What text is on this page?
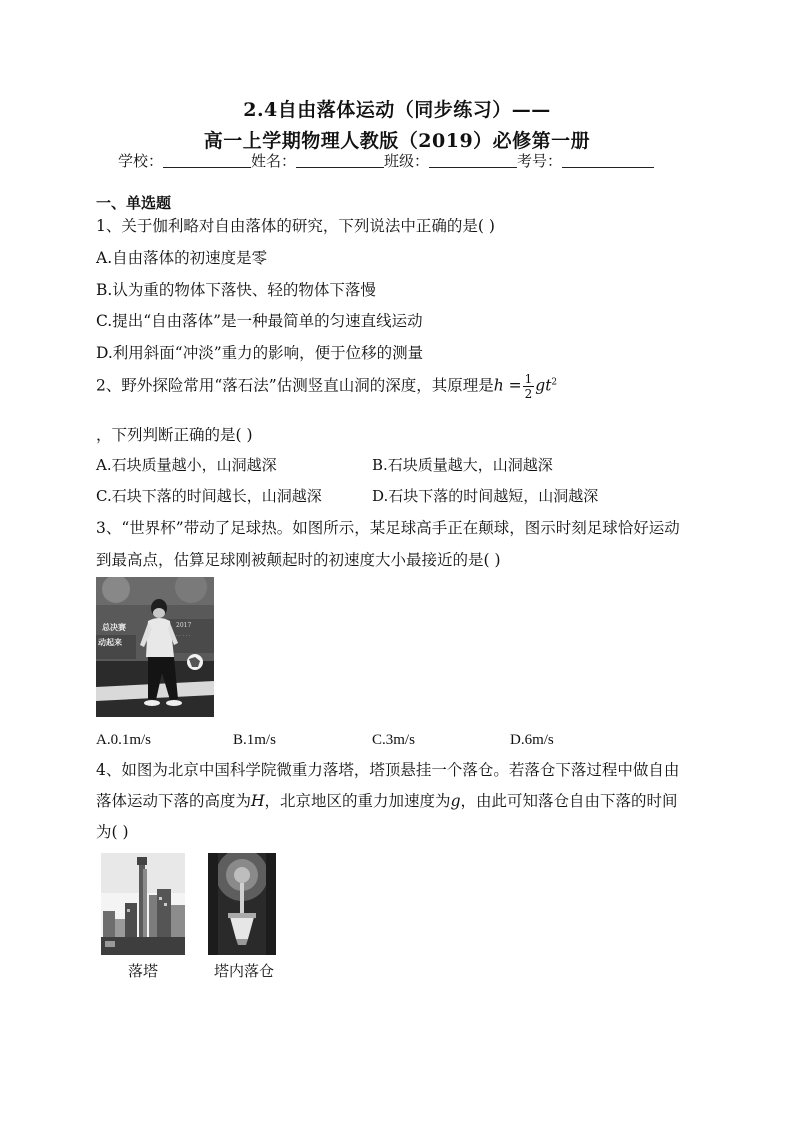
2.4自由落体运动（同步练习）——
高一上学期物理人教版（2019）必修第一册
学校：	姓名：	班级：	考号：
一、单选题
1、关于伽利略对自由落体的研究，下列说法中正确的是( )
A.自由落体的初速度是零
B.认为重的物体下落快、轻的物体下落慢
C.提出“自由落体”是一种最简单的匀速直线运动
D.利用斜面“冲淡”重力的影响，便于位移的测量
2、野外探险常用“落石法”估测竖直山洞的深度，其原理是$h = \frac{1}{2} gt^2$
，下列判断正确的是( )
A.石块质量越小，山洞越深	B.石块质量越大，山洞越深
C.石块下落的时间越长，山洞越深	D.石块下落的时间越短，山洞越深
3、“世界杯”带动了足球热。如图所示，某足球高手正在颠球，图示时刻足球恰好运动
到最高点，估算足球刚被颠起时的初速度大小最接近的是( )
2017
· · · · ·
总决赛
动起来
A.0.1m/s	B.1m/s	C.3m/s	D.6m/s
4、如图为北京中国科学院微重力落塔，塔顶悬挂一个落仓。若落仓下落过程中做自由
落体运动下落的高度为H，北京地区的重力加速度为g，由此可知落仓自由下落的时间
为( )
落塔	塔内落仓
